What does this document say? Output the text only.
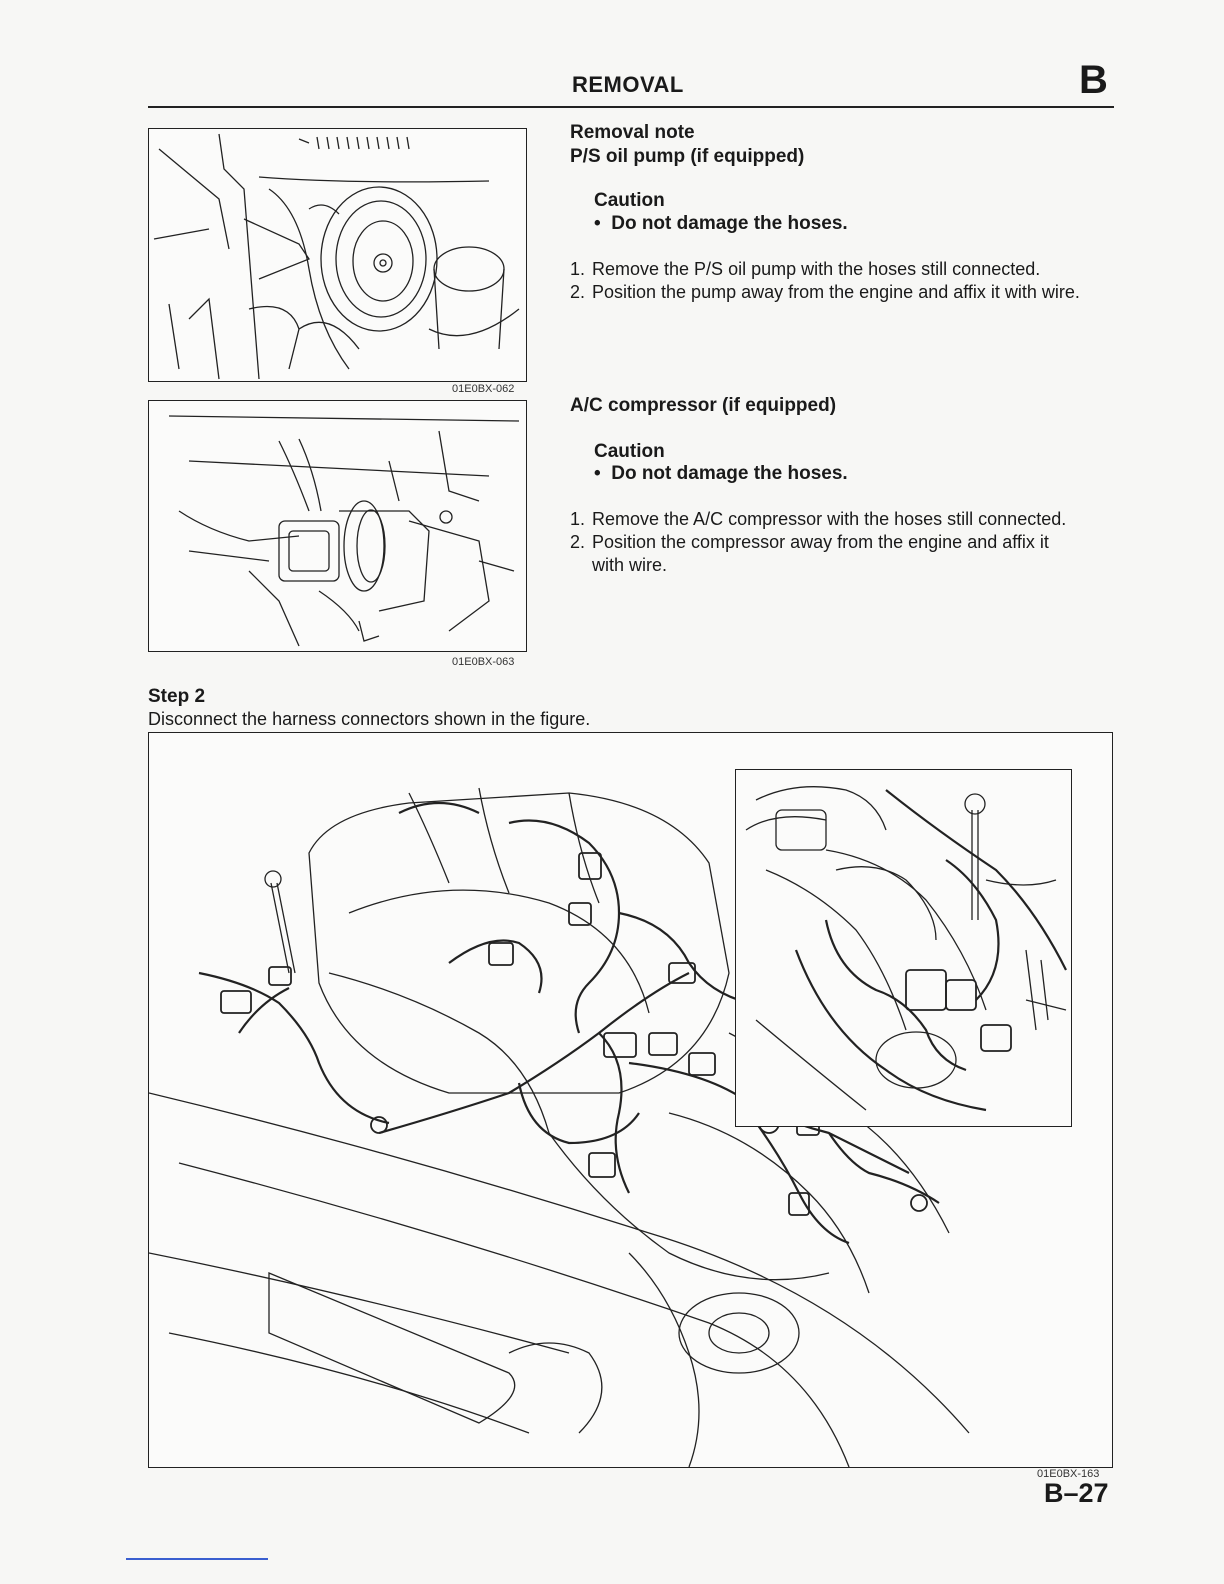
REMOVAL	B
01E0BX-062
01E0BX-063
Removal note
P/S oil pump (if equipped)
Caution
•  Do not damage the hoses.
1. Remove the P/S oil pump with the hoses still connected.
2. Position the pump away from the engine and affix it with wire.
A/C compressor (if equipped)
Caution
•  Do not damage the hoses.
1. Remove the A/C compressor with the hoses still connected.
2. Position the compressor away from the engine and affix it
with wire.
Step 2
Disconnect the harness connectors shown in the figure.
01E0BX-163
B–27
